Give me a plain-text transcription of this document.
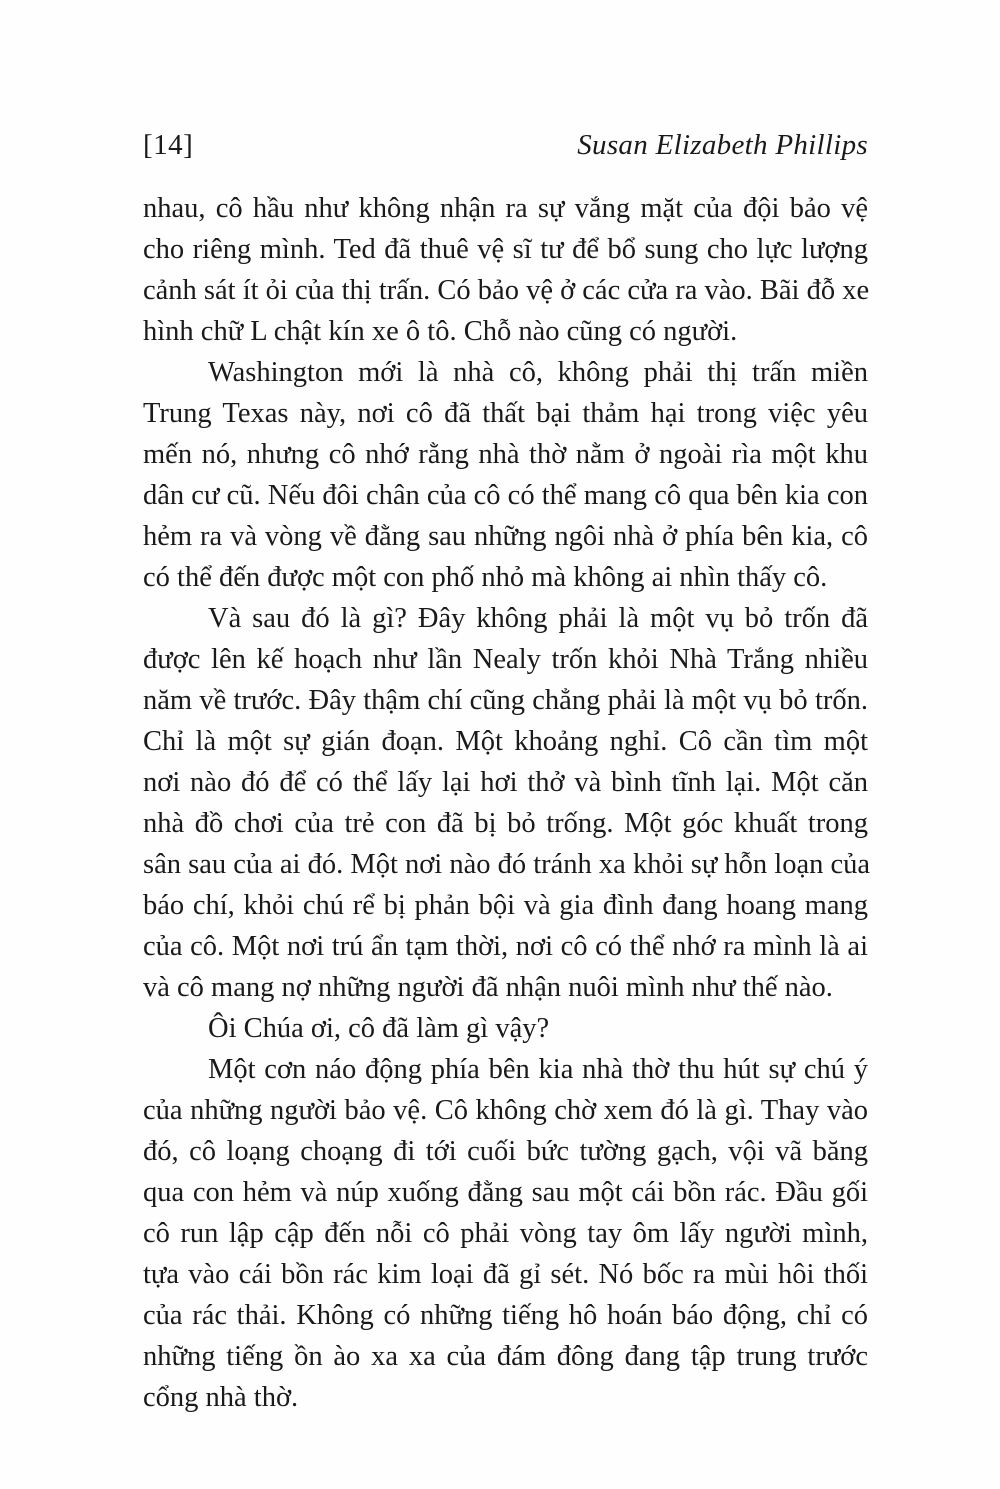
[14]	Susan Elizabeth Phillips
nhau, cô hầu như không nhận ra sự vắng mặt của đội bảo vệ
cho riêng mình. Ted đã thuê vệ sĩ tư để bổ sung cho lực lượng
cảnh sát ít ỏi của thị trấn. Có bảo vệ ở các cửa ra vào. Bãi đỗ xe
hình chữ L chật kín xe ô tô. Chỗ nào cũng có người.
Washington mới là nhà cô, không phải thị trấn miền
Trung Texas này, nơi cô đã thất bại thảm hại trong việc yêu
mến nó, nhưng cô nhớ rằng nhà thờ nằm ở ngoài rìa một khu
dân cư cũ. Nếu đôi chân của cô có thể mang cô qua bên kia con
hẻm ra và vòng về đằng sau những ngôi nhà ở phía bên kia, cô
có thể đến được một con phố nhỏ mà không ai nhìn thấy cô.
Và sau đó là gì? Đây không phải là một vụ bỏ trốn đã
được lên kế hoạch như lần Nealy trốn khỏi Nhà Trắng nhiều
năm về trước. Đây thậm chí cũng chẳng phải là một vụ bỏ trốn.
Chỉ là một sự gián đoạn. Một khoảng nghỉ. Cô cần tìm một
nơi nào đó để có thể lấy lại hơi thở và bình tĩnh lại. Một căn
nhà đồ chơi của trẻ con đã bị bỏ trống. Một góc khuất trong
sân sau của ai đó. Một nơi nào đó tránh xa khỏi sự hỗn loạn của
báo chí, khỏi chú rể bị phản bội và gia đình đang hoang mang
của cô. Một nơi trú ẩn tạm thời, nơi cô có thể nhớ ra mình là ai
và cô mang nợ những người đã nhận nuôi mình như thế nào.
Ôi Chúa ơi, cô đã làm gì vậy?
Một cơn náo động phía bên kia nhà thờ thu hút sự chú ý
của những người bảo vệ. Cô không chờ xem đó là gì. Thay vào
đó, cô loạng choạng đi tới cuối bức tường gạch, vội vã băng
qua con hẻm và núp xuống đằng sau một cái bồn rác. Đầu gối
cô run lập cập đến nỗi cô phải vòng tay ôm lấy người mình,
tựa vào cái bồn rác kim loại đã gỉ sét. Nó bốc ra mùi hôi thối
của rác thải. Không có những tiếng hô hoán báo động, chỉ có
những tiếng ồn ào xa xa của đám đông đang tập trung trước
cổng nhà thờ.
